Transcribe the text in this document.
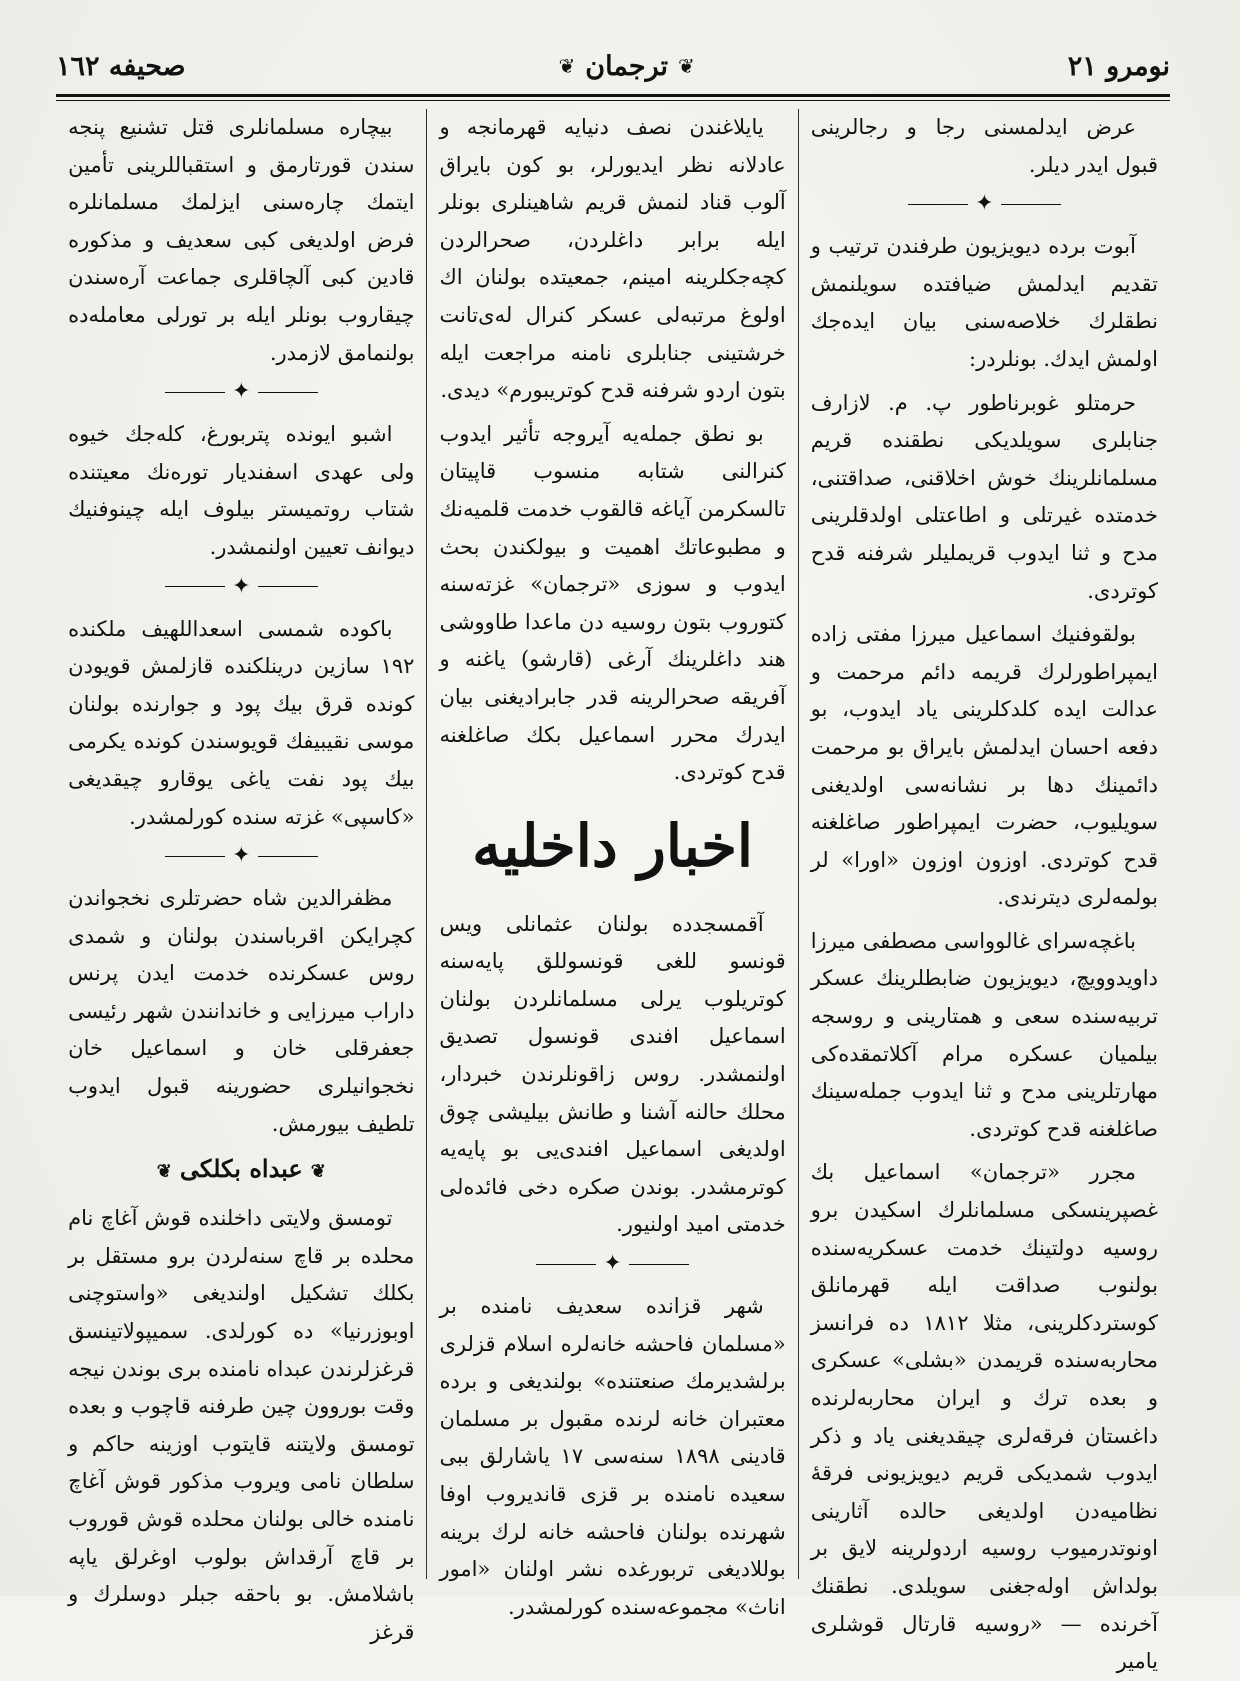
نومرو ۲۱
❦
ترجمان
❦
صحیفه ۱٦۲

عرض ایدلمسنی رجا و رجالرینی قبول ایدر دیلر.

✦

آبوت برده دیویزیون طرفندن ترتیب و تقدیم ایدلمش ضیافتده سویلنمش نطقلرك خلاصه‌سنی بیان ایده‌جك اولمش ایدك. بونلردر:

حرمتلو غوبرناطور پ. م. لازارف جنابلری سویلدیکی نطقنده قریم مسلمانلرینك خوش اخلاقنی، صداقتنی، خدمتده غیرتلی و اطاعتلی اولدقلرینی مدح و ثنا ایدوب قریملیلر شرفنه قدح کوتردی.

بولقوفنیك اسماعیل میرزا مفتی زاده ایمپراطورلرك قریمه دائم مرحمت و عدالت ایده کلدکلرینی یاد ایدوب، بو دفعه احسان ایدلمش بایراق بو مرحمت دائمینك دها بر نشانه‌سی اولدیغنی سویلیوب، حضرت ایمپراطور صاغلغنه قدح کوتردی. اوزون اوزون «اورا» لر بولمه‌لری دیترندی.

باغچه‌سرای غالوواسی مصطفی میرزا داویدوویچ، دیویزیون ضابطلرینك عسکر تربیه‌سنده سعی و همتارینی و روسجه بیلمیان عسکره مرام آکلاتمقده‌کی مهارتلرینی مدح و ثنا ایدوب جمله‌سینك صاغلغنه قدح کوتردی.

مجرر «ترجمان» اسماعیل بك غصپرینسکی مسلمانلرك اسکیدن برو روسیه دولتینك خدمت عسکریه‌سنده بولنوب صداقت ایله قهرمانلق کوستردکلرینی، مثلا ۱۸۱۲ ده فرانسز محاربه‌سنده قریمدن «بشلی» عسکری و بعده ترك و ایران محاربه‌لرنده داغستان فرقه‌لری چیقدیغنی یاد و ذکر ایدوب شمدیکی قریم دیویزیونی فرقهٔ نظامیه‌دن اولدیغی حالده آثارینی اونوتدرمیوب روسیه اردولرینه لایق بر بولداش اوله‌جغنی سویلدی. نطقنك آخرنده — «روسیه قارتال قوشلری یامیر

یایلاغندن نصف دنیایه قهرمانجه و عادلانه نظر ایدیورلر، بو کون بایراق آلوب قناد لنمش قریم شاهینلری بونلر ایله برابر داغلردن، صحرالردن کچه‌جکلرینه امینم، جمعیتده بولنان اك اولوغ مرتبه‌لی عسکر کنرال له‌ی‌تانت خرشتینی جنابلری نامنه مراجعت ایله بتون اردو شرفنه قدح کوتریبورم» دیدی.

بو نطق جمله‌یه آیروجه تأثیر ایدوب کنرالنی شتابه منسوب قاپیتان تالسکرمن آیاغه قالقوب خدمت قلمیه‌نك و مطبوعاتك اهمیت و بیولکندن بحث ایدوب و سوزی «ترجمان» غزته‌سنه کتوروب بتون روسیه دن ماعدا طاووشی هند داغلرینك آرغی (قارشو) یاغنه و آفریقه صحرالرینه قدر جابرادیغنی بیان ایدرك محرر اسماعیل بکك صاغلغنه قدح کوتردی.

اخبار داخلیه

آقمسجدده بولنان عثمانلی ویس قونسو للغی قونسوللق پایه‌سنه کوتریلوب یرلی مسلمانلردن بولنان اسماعیل افندی قونسول تصدیق اولنمشدر. روس زاقونلرندن خبردار، محلك حالنه آشنا و طانش بیلیشی چوق اولدیغی اسماعیل افندی‌یی بو پایه‌یه کوترمشدر. بوندن صکره دخی فائده‌لی خدمتی امید اولنیور.

✦

شهر قزانده سعدیف نامنده بر «مسلمان فاحشه خانه‌لره اسلام قزلری برلشدیرمك صنعتنده» بولندیغی و برده معتبران خانه لرنده مقبول بر مسلمان قادینی ۱۸۹۸ سنه‌سی ۱۷ یاشارلق ببی سعیده نامنده بر قزی قاندیروب اوفا شهرنده بولنان فاحشه خانه لرك برینه بوللادیغی تربورغده نشر اولنان «امور اناث» مجموعه‌سنده کورلمشدر.

بیچاره مسلمانلری قتل تشنیع پنجه سندن قورتارمق و استقباللرینی تأمین ایتمك چاره‌سنی ایزلمك مسلمانلره فرض اولدیغی کبی سعدیف و مذکوره قادین کبی آلچاقلری جماعت آره‌سندن چیقاروب بونلر ایله بر تورلی معامله‌ده بولنمامق لازمدر.

✦

اشبو ایونده پتربورغ، کله‌جك خیوه ولی عهدی اسفندیار توره‌نك معیتنده شتاب روتمیستر بیلوف ایله چینوفنیك دیوانف تعیین اولنمشدر.

✦

باکوده شمسی اسعداللهیف ملکنده ۱۹۲ سازین درینلکنده قازلمش قویودن کونده قرق بیك پود و جوارنده بولنان موسی نقیبیفك قویوسندن کونده یکرمی بیك پود نفت یاغی یوقارو چیقدیغی «کاسپی» غزته سنده کورلمشدر.

✦

مظفرالدین شاه حضرتلری نخجواندن کچرایکن اقرباسندن بولنان و شمدی روس عسکرنده خدمت ایدن پرنس داراب میرزایی و خاندانندن شهر رئیسی جعفرقلی خان و اسماعیل خان نخجوانیلری حضورینه قبول ایدوب تلطیف بیورمش.

❦عبداه بکلکی❦

تومسق ولایتی داخلنده قوش آغاچ نام محلده بر قاچ سنه‌لردن برو مستقل بر بکلك تشکیل اولندیغی «واستوچنی اوبوزرنیا» ده کورلدی. سمیپولاتینسق قرغزلرندن عبداه نامنده بری بوندن نیجه وقت بوروون چین طرفنه قاچوب و بعده تومسق ولایتنه قایتوب اوزینه حاکم و سلطان نامی ویروب مذکور قوش آغاچ نامنده خالی بولنان محلده قوش قوروب بر قاچ آرقداش بولوب اوغرلق یاپه باشلامش. بو باحقه جبلر دوسلرك و قرغز
